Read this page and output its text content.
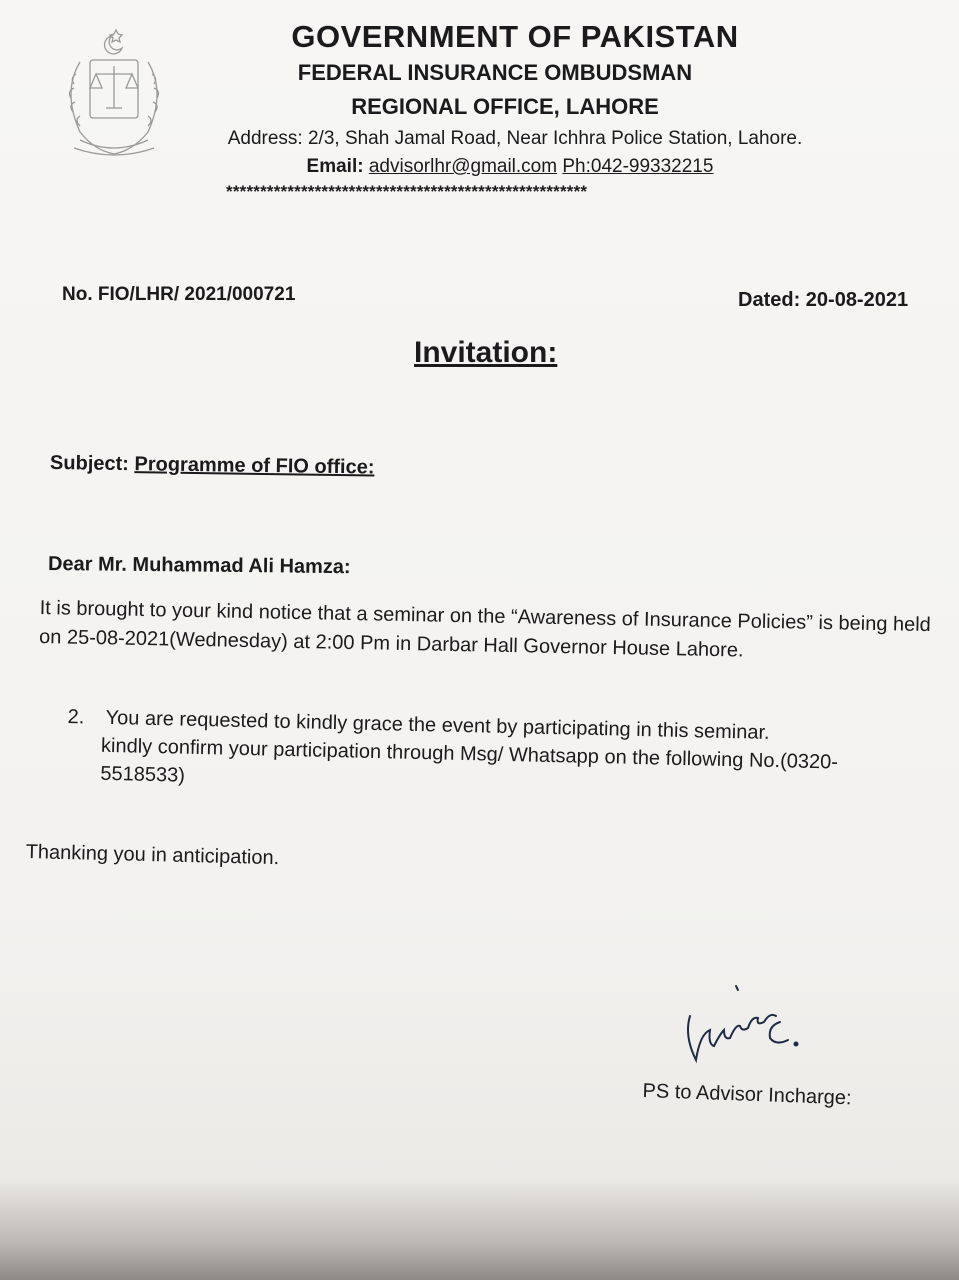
GOVERNMENT OF PAKISTAN

FEDERAL INSURANCE OMBUDSMAN

REGIONAL OFFICE, LAHORE

Address: 2/3, Shah Jamal Road, Near Ichhra Police Station, Lahore.

Email: advisorlhr@gmail.com Ph:042-99332215

*****************************************************
No. FIO/LHR/ 2021/000721	Dated: 20-08-2021
Invitation:
Subject: Programme of FIO office:
Dear Mr. Muhammad Ali Hamza:
It is brought to your kind notice that a seminar on the “Awareness of Insurance Policies” is being held on 25-08-2021(Wednesday) at 2:00 Pm in Darbar Hall Governor House Lahore.
2. You are requested to kindly grace the event by participating in this seminar.
kindly confirm your participation through Msg/ Whatsapp on the following No.(0320-5518533)
Thanking you in anticipation.
PS to Advisor Incharge:
